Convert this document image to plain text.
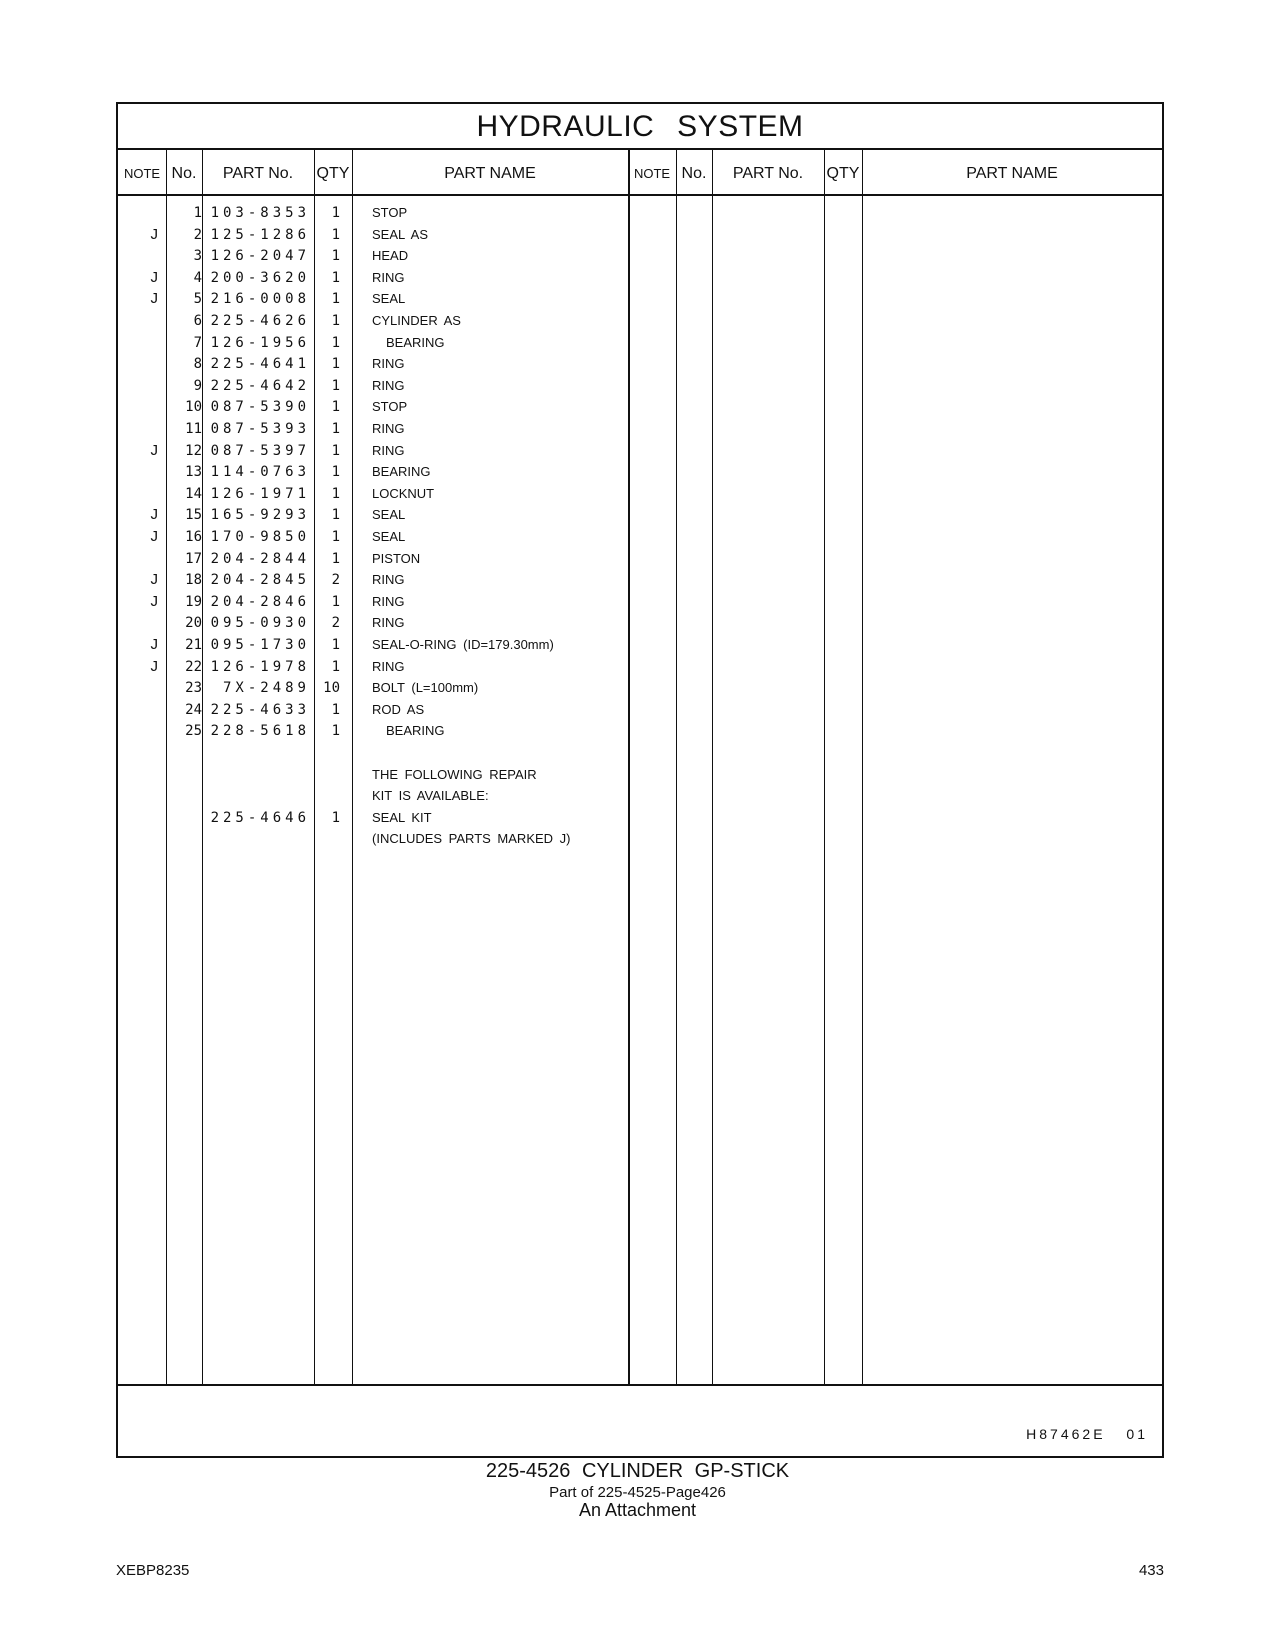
HYDRAULIC SYSTEM
NOTE No.	PART No.	QTY	PART NAME	NOTE No.	PART No.	QTY	PART NAME
1 103-8353	1 STOP
J	2 125-1286	1 SEAL AS
3 126-2047	1 HEAD
J	4 200-3620	1 RING
J	5 216-0008	1 SEAL
6 225-4626	1 CYLINDER AS
7 126-1956	1	BEARING
8 225-4641	1 RING
9 225-4642	1 RING
10 087-5390	1 STOP
11 087-5393	1 RING
J	12 087-5397	1 RING
13 114-0763	1 BEARING
14 126-1971	1 LOCKNUT
J	15 165-9293	1 SEAL
J	16 170-9850	1 SEAL
17 204-2844	1 PISTON
J	18 204-2845	2 RING
J	19 204-2846	1 RING
20 095-0930	2 RING
J	21 095-1730	1 SEAL-O-RING (ID=179.30mm)
J	22 126-1978	1 RING
23	7X-2489 10 BOLT (L=100mm)
24 225-4633	1 ROD AS
25 228-5618	1	BEARING
THE FOLLOWING REPAIR
KIT IS AVAILABLE:
225-4646	1 SEAL KIT
(INCLUDES PARTS MARKED J)
H87462E 01
225-4526 CYLINDER GP-STICK
Part of 225-4525-Page426
An Attachment
XEBP8235	433
